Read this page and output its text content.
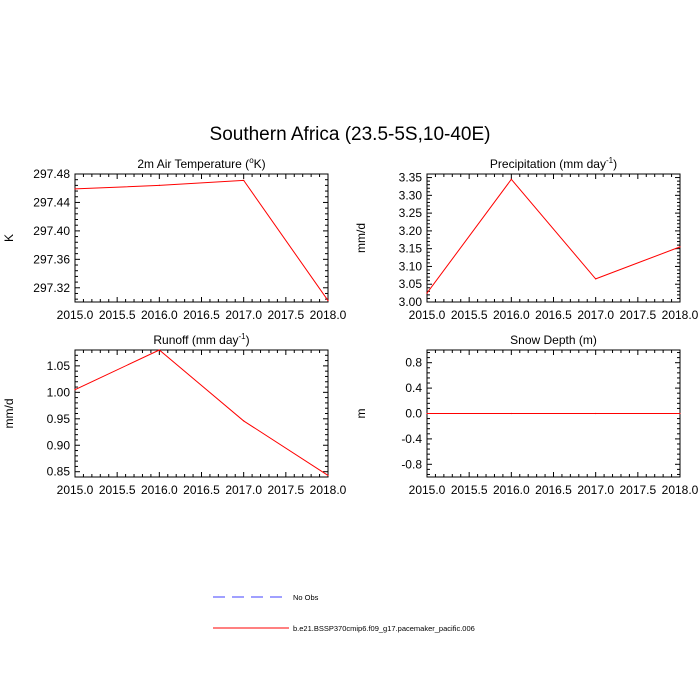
Southern Africa (23.5-5S,10-40E)
2m Air Temperature ($^o$K)
K
2015.0 2015.5 2016.0 2016.5 2017.0 2017.5 2018.0
297.32
297.36
297.40
297.44
297.48
Precipitation (mm day$^{-1}$)
mm/d
2015.0 2015.5 2016.0 2016.5 2017.0 2017.5 2018.0
3.00
3.05
3.10
3.15
3.20
3.25
3.30
3.35
Runoff (mm day$^{-1}$)
mm/d
2015.0 2015.5 2016.0 2016.5 2017.0 2017.5 2018.0
0.85
0.90
0.95
1.00
1.05
Snow Depth (m)
m
2015.0 2015.5 2016.0 2016.5 2017.0 2017.5 2018.0
-0.8
-0.4
0.0
0.4
0.8
No Obs
b.e21.BSSP370cmip6.f09_g17.pacemaker_pacific.006
